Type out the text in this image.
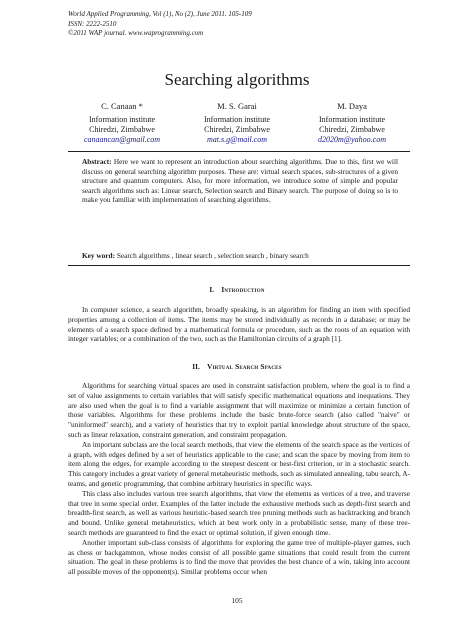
World Applied Programming, Vol (1), No (2), June 2011. 105-109
ISSN: 2222-2510
©2011 WAP journal. www.waprogramming.com
Searching algorithms
C. Canaan *
Information institute
Chiredzi, Zimbabwe
canaancan@gmail.com
M. S. Garai
Information institute
Chiredzi, Zimbabwe
mat.s.g@mail.com
M. Daya
Information institute
Chiredzi, Zimbabwe
d2020m@yahoo.com
Abstract: Here we want to represent an introduction about searching algorithms. Due to this, first we will discuss on general searching algorithm purposes. These are: virtual search spaces, sub-structures of a given structure and quantum computers. Also, for more information, we introduce some of simple and popular search algorithms such as: Linear search, Selection search and Binary search. The purpose of doing so is to make you familiar with implementation of searching algorithms.
Key word: Search algorithms , linear search , selection search , binary search
I. Introduction

In computer science, a search algorithm, broadly speaking, is an algorithm for finding an item with specified properties among a collection of items. The items may be stored individually as records in a database; or may be elements of a search space defined by a mathematical formula or procedure, such as the roots of an equation with integer variables; or a combination of the two, such as the Hamiltonian circuits of a graph [1].

II. Virtual Search Spaces

Algorithms for searching virtual spaces are used in constraint satisfaction problem, where the goal is to find a set of value assignments to certain variables that will satisfy specific mathematical equations and inequations. They are also used when the goal is to find a variable assignment that will maximize or minimize a certain function of those variables. Algorithms for these problems include the basic brute-force search (also called "naive" or "uninformed" search), and a variety of heuristics that try to exploit partial knowledge about structure of the space, such as linear relaxation, constraint generation, and constraint propagation.

An important subclass are the local search methods, that view the elements of the search space as the vertices of a graph, with edges defined by a set of heuristics applicable to the case; and scan the space by moving from item to item along the edges, for example according to the steepest descent or best-first criterion, or in a stochastic search. This category includes a great variety of general metaheuristic methods, such as simulated annealing, tabu search, A-teams, and genetic programming, that combine arbitrary heuristics in specific ways.

This class also includes various tree search algorithms, that view the elements as vertices of a tree, and traverse that tree in some special order. Examples of the latter include the exhaustive methods such as depth-first search and breadth-first search, as well as various heuristic-based search tree pruning methods such as backtracking and branch and bound. Unlike general metaheuristics, which at best work only in a probabilistic sense, many of these tree-search methods are guaranteed to find the exact or optimal solution, if given enough time.

Another important sub-class consists of algorithms for exploring the game tree of multiple-player games, such as chess or backgammon, whose nodes consist of all possible game situations that could result from the current situation. The goal in these problems is to find the move that provides the best chance of a win, taking into account all possible moves of the opponent(s). Similar problems occur when

105
